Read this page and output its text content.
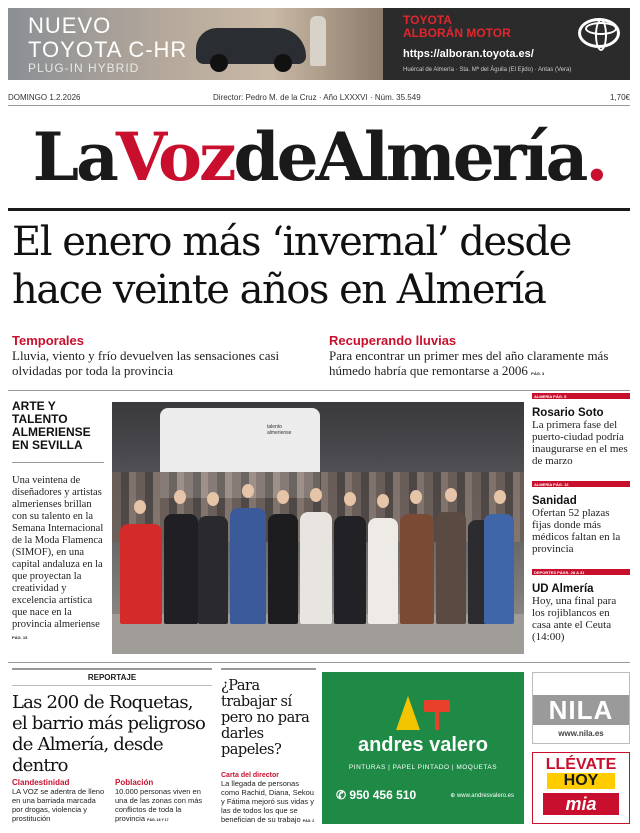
NUEVO
TOYOTA C-HR
PLUG-IN HYBRID
TOYOTA
ALBORÁN MOTOR
https://alboran.toyota.es/
Huércal de Almería · Sta. Mª del Águila (El Ejido) · Antas (Vera)
DOMINGO 1.2.2026	Director: Pedro M. de la Cruz · Año LXXXVI · Núm. 35.549	1,70€
LaVozdeAlmería.
El enero más ‘invernal’ desde
hace veinte años en Almería
Temporales
Lluvia, viento y frío devuelven las sensaciones casi olvidadas por toda la provincia
Recuperando lluvias
Para encontrar un primer mes del año claramente más húmedo habría que remontarse a 2006 PÁG. 3
ARTE Y TALENTO ALMERIENSE EN SEVILLA
Una veintena de diseñadores y artistas almerienses brillan con su talento en la Semana Internacional de la Moda Flamenca (SIMOF), en una capital andaluza en la que proyectan la creatividad y excelencia artística que nace en la provincia almeriense PÁG. 15
talento almeriense
ALMERÍA PÁG. 5
Rosario Soto
La primera fase del puerto-ciudad podría inaugurarse en el mes de marzo
ALMERÍA PÁG. 12
Sanidad
Ofertan 52 plazas fijas donde más médicos faltan en la provincia
DEPORTES PÁGS. 28 A 31
UD Almería
Hoy, una final para los rojiblancos en casa ante el Ceuta (14:00)
REPORTAJE
Las 200 de Roquetas, el barrio más peligroso de Almería, desde dentro
Clandestinidad
LA VOZ se adentra de lleno en una barriada marcada por drogas, violencia y prostitución
Población
10.000 personas viven en una de las zonas con más conflictos de toda la provincia PÁG. 16 Y 17
¿Para trabajar sí pero no para darles papeles?
Carta del director
La llegada de personas como Rachid, Diana, Sekou y Fátima mejoró sus vidas y las de todos los que se benefician de su trabajo PÁG. 2
andres valero
PINTURAS | PAPEL PINTADO | MOQUETAS
✆ 950 456 510	⊕ www.andresvalero.es
NILA
www.nila.es
LLÉVATE
HOY
mia
